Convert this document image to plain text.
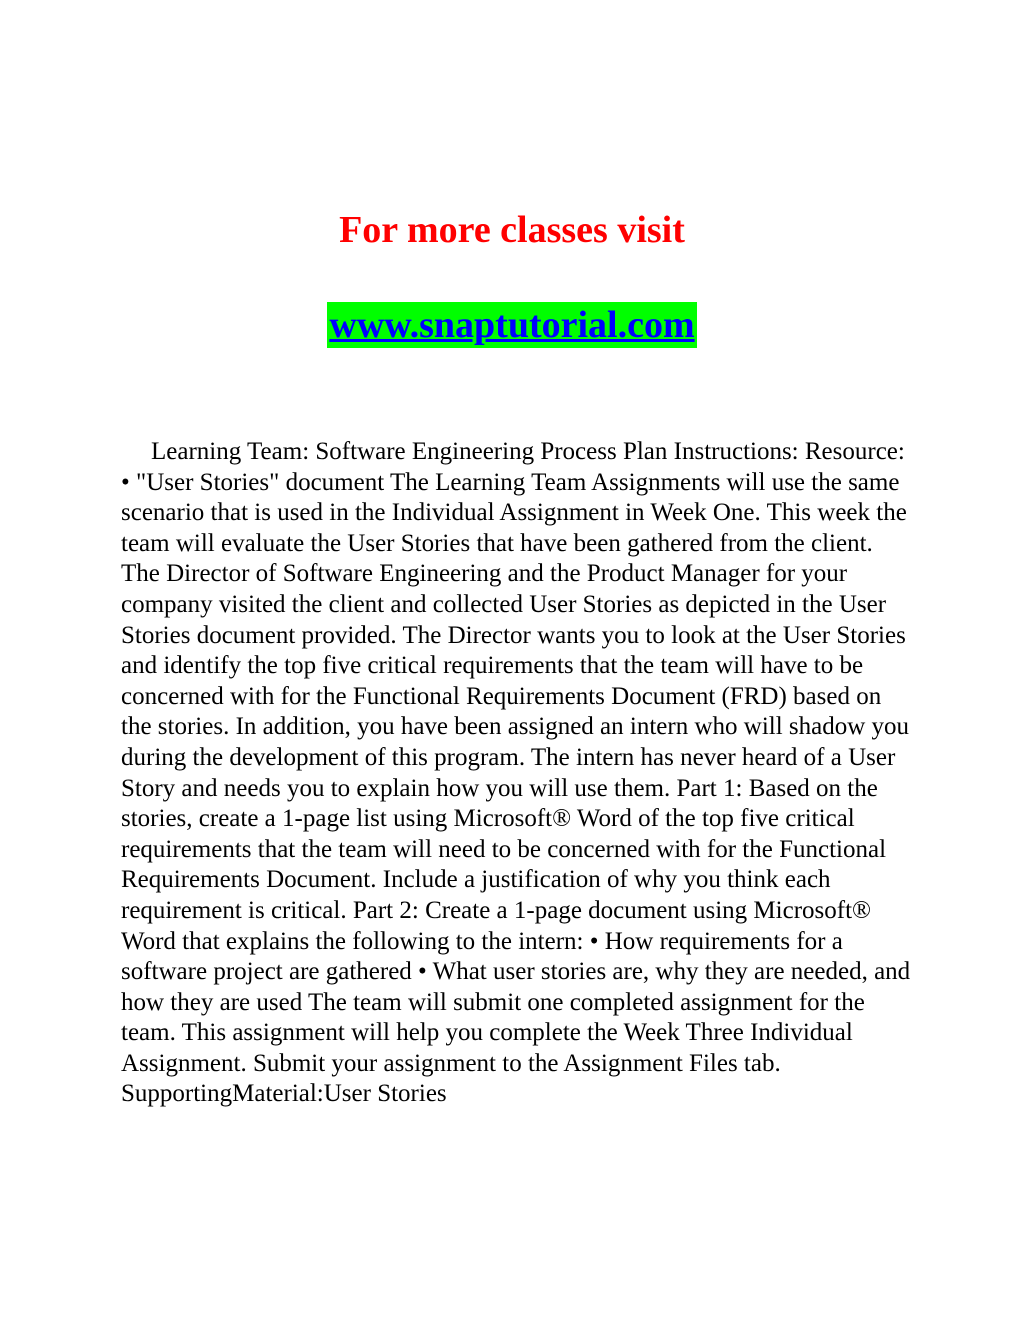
For more classes visit
www.snaptutorial.com

Learning Team: Software Engineering Process Plan Instructions: Resource: • "User Stories" document The Learning Team Assignments will use the same scenario that is used in the Individual Assignment in Week One. This week the team will evaluate the User Stories that have been gathered from the client. The Director of Software Engineering and the Product Manager for your company visited the client and collected User Stories as depicted in the User Stories document provided. The Director wants you to look at the User Stories and identify the top five critical requirements that the team will have to be concerned with for the Functional Requirements Document (FRD) based on the stories. In addition, you have been assigned an intern who will shadow you during the development of this program. The intern has never heard of a User Story and needs you to explain how you will use them. Part 1: Based on the stories, create a 1-page list using Microsoft® Word of the top five critical requirements that the team will need to be concerned with for the Functional Requirements Document. Include a justification of why you think each requirement is critical. Part 2: Create a 1-page document using Microsoft® Word that explains the following to the intern: • How requirements for a software project are gathered • What user stories are, why they are needed, and how they are used The team will submit one completed assignment for the team. This assignment will help you complete the Week Three Individual Assignment. Submit your assignment to the Assignment Files tab. SupportingMaterial:User Stories
